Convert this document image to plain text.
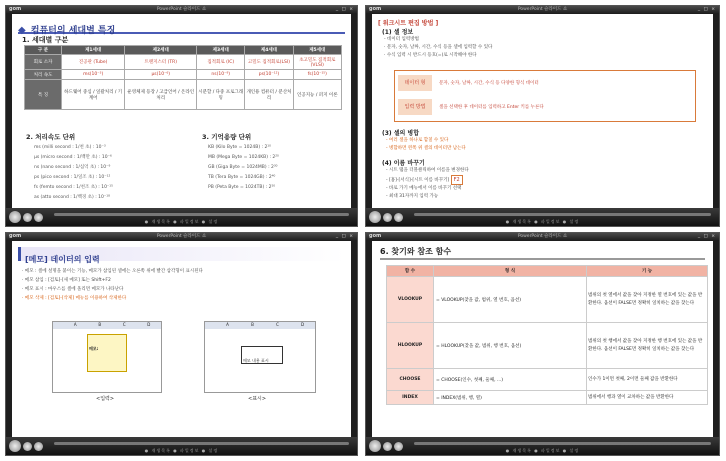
gom	PowerPoint 슬라이드 쇼	_ □ ×
◆ 컴퓨터의 세대별 특징
1. 세대별 구분
구 분	제1세대	제2세대	제3세대	제4세대	제5세대
회로 소자	진공관 (Tube)	트랜지스터 (TR)	집적회로 (IC)	고밀도 집적회로(LSI)	초고밀도 집적회로(VLSI)
처리 속도	ms(10⁻³)	μs(10⁻⁶)	ns(10⁻⁹)	ps(10⁻¹²)	fs(10⁻¹⁵)
특 징	하드웨어 중심 / 일괄처리 / 기계어	운영체제 등장 / 고급언어 / 온라인 처리	시분할 / 다중 프로그래밍	개인용 컴퓨터 / 분산처리	인공지능 / 퍼지 이론
2. 처리속도 단위	3. 기억용량 단위
ms (milli second : 1/천 초) : 10⁻³
μs (micro second : 1/백만 초) : 10⁻⁶
ns (nano second : 1/십억 초) : 10⁻⁹
ps (pico second : 1/일조 초) : 10⁻¹²
fs (femto second : 1/천조 초) : 10⁻¹⁵
as (atto second : 1/백경 초) : 10⁻¹⁸
KB (Kilo Byte = 1024B) : 2¹⁰
MB (Mega Byte = 1024KB) : 2²⁰
GB (Giga Byte = 1024MB) : 2³⁰
TB (Tera Byte = 1024GB) : 2⁴⁰
PB (Peta Byte = 1024TB) : 2⁵⁰
● 재생목록 ● 파일정보 ● 설정
gom	PowerPoint 슬라이드 쇼	_ □ ×
[ 워크시트 편집 방법 ]
(1) 셀 정보
- 데이터 입력방법
· 문자, 숫자, 날짜, 시간, 수식 등을 셀에 입력할 수 있다
· 수식 입력 시 반드시 등호(=)로 시작해야 한다
데이터 형	문자, 숫자, 날짜, 시간, 수식 등 다양한 형식 데이터
입력 방법	셀을 선택한 후 데이터를 입력하고 Enter 키를 누른다
(3) 셀의 병합
- 여러 셀을 하나로 합칠 수 있다
- 병합하면 왼쪽 위 셀의 데이터만 남는다
(4) 이름 바꾸기
- 시트 탭을 더블클릭하여 이름을 변경한다
- [홈]-[서식]-[시트 이름 바꾸기] F2
- 바로 가기 메뉴에서 이름 바꾸기 선택
- 최대 31자까지 입력 가능
● 재생목록 ● 파일정보 ● 설정
gom	PowerPoint 슬라이드 쇼	_ □ ×
[메모] 데이터의 입력
· 메모 : 셀에 설명을 붙이는 기능, 메모가 삽입된 셀에는 오른쪽 위에 빨간 삼각형이 표시된다
· 메모 삽입 : [검토]-[새 메모] 또는 Shift+F2
· 메모 표시 : 마우스를 셀에 올리면 메모가 나타난다
· 메모 삭제 : [검토]-[삭제] 메뉴를 이용하여 삭제한다
A	B	C	D
메모:
<입력>
A	B	C	D
메모 내용 표시
<표시>
● 재생목록 ● 파일정보 ● 설정
gom	PowerPoint 슬라이드 쇼	_ □ ×
6. 찾기와 참조 함수
함 수	형 식	기 능
VLOOKUP	= VLOOKUP(찾을 값, 범위, 열 번호, 옵션)	범위의 첫 열에서 값을 찾아 지정한 열 번호에 있는 값을 반환한다. 옵션이 FALSE면 정확히 일치하는 값을 찾는다
HLOOKUP	= HLOOKUP(찾을 값, 범위, 행 번호, 옵션)	범위의 첫 행에서 값을 찾아 지정한 행 번호에 있는 값을 반환한다. 옵션이 FALSE면 정확히 일치하는 값을 찾는다
CHOOSE	= CHOOSE(인수, 첫째, 둘째, ...)	인수가 1이면 첫째, 2이면 둘째 값을 반환한다
INDEX	= INDEX(범위, 행, 열)	범위에서 행과 열이 교차하는 값을 반환한다
● 재생목록 ● 파일정보 ● 설정
